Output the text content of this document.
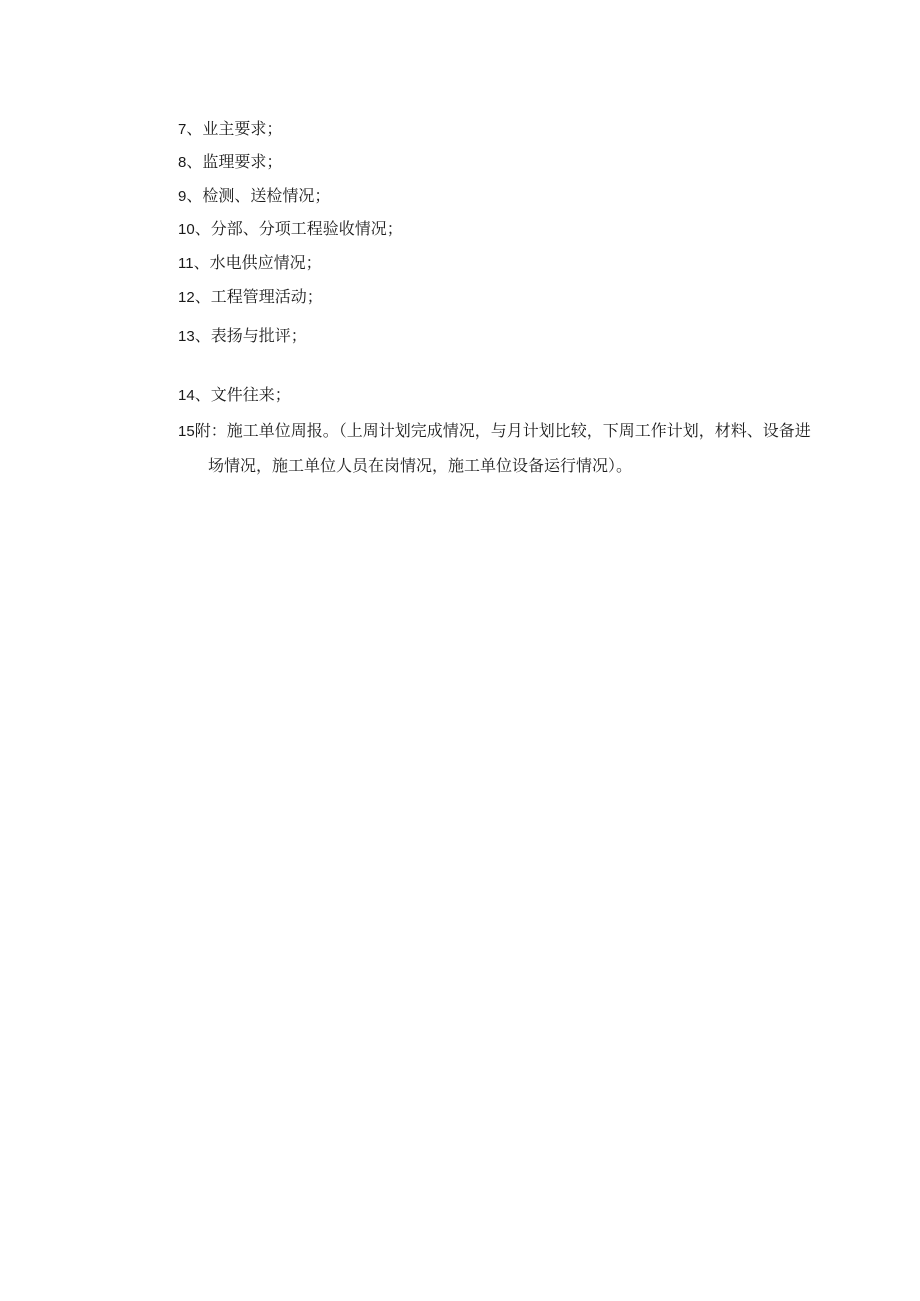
7、业主要求；
8、监理要求；
9、检测、送检情况；
10、分部、分项工程验收情况；
11、水电供应情况；
12、工程管理活动；
13、表扬与批评；
14、文件往来；
15附：施工单位周报。（上周计划完成情况，与月计划比较，下周工作计划，材料、设备进场情况，施工单位人员在岗情况，施工单位设备运行情况）。
